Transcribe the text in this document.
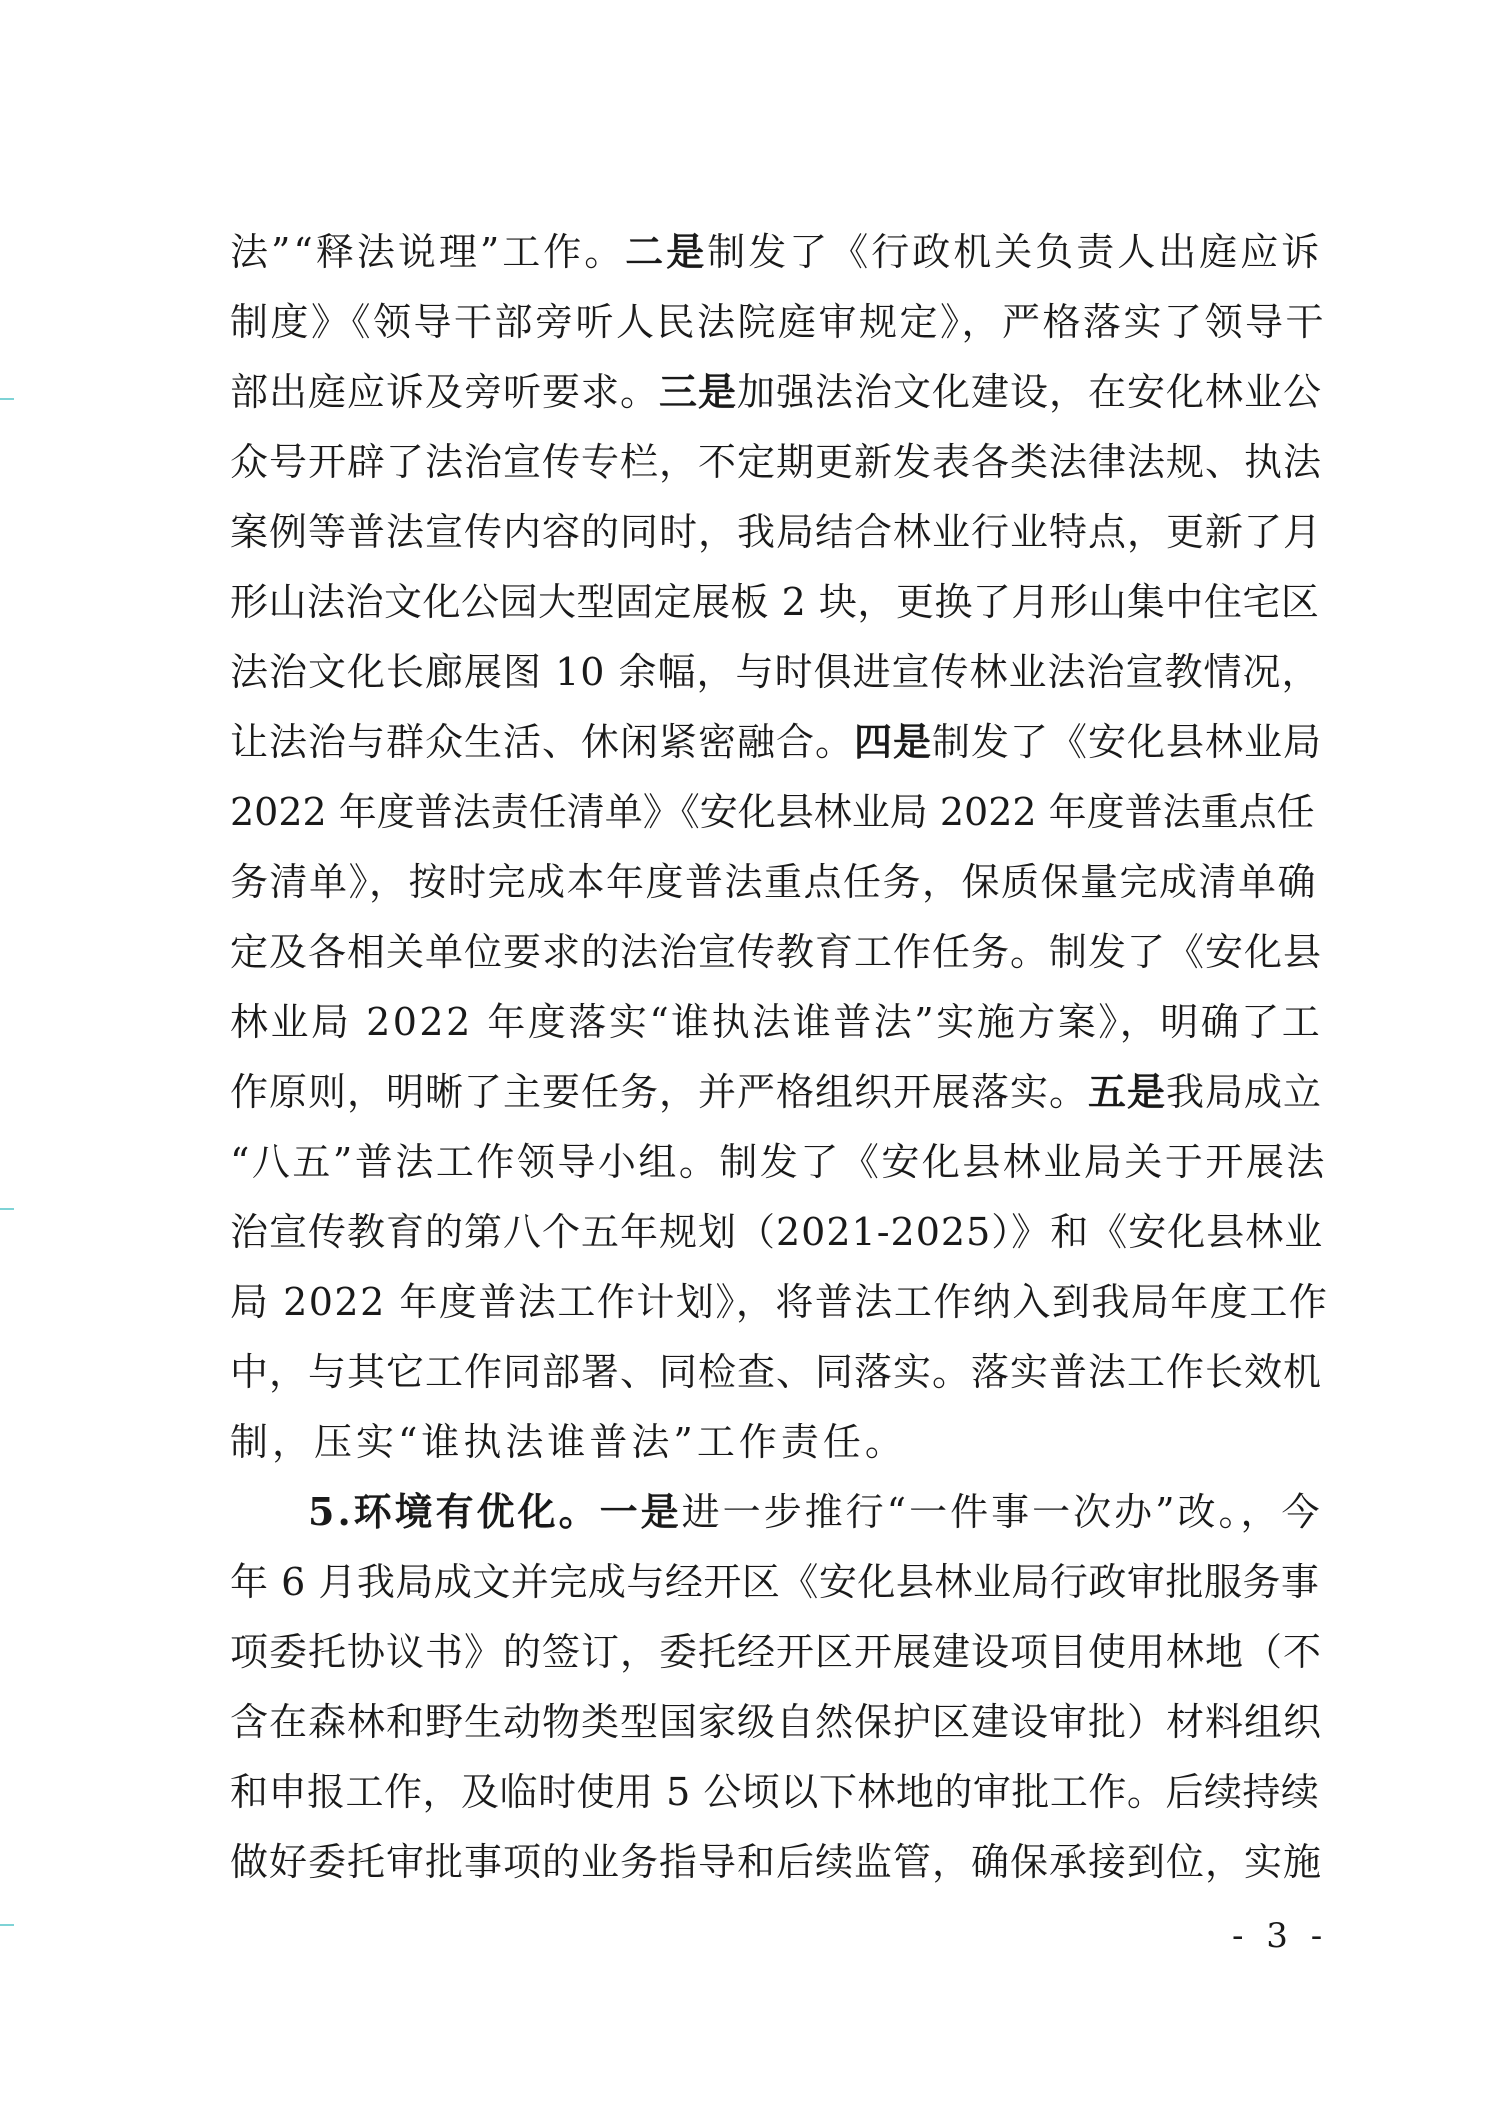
法”“释法说理”工作。二是制发了《行政机关负责人出庭应诉
制度》《领导干部旁听人民法院庭审规定》，严格落实了领导干
部出庭应诉及旁听要求。三是加强法治文化建设，在安化林业公
众号开辟了法治宣传专栏，不定期更新发表各类法律法规、执法
案例等普法宣传内容的同时，我局结合林业行业特点，更新了月
形山法治文化公园大型固定展板 2 块，更换了月形山集中住宅区
法治文化长廊展图 10 余幅，与时俱进宣传林业法治宣教情况，
让法治与群众生活、休闲紧密融合。四是制发了《安化县林业局
2022 年度普法责任清单》《安化县林业局 2022 年度普法重点任
务清单》，按时完成本年度普法重点任务，保质保量完成清单确
定及各相关单位要求的法治宣传教育工作任务。制发了《安化县
林业局 2022 年度落实“谁执法谁普法”实施方案》，明确了工
作原则，明晰了主要任务，并严格组织开展落实。五是我局成立
“八五”普法工作领导小组。制发了《安化县林业局关于开展法
治宣传教育的第八个五年规划（2021-2025）》和《安化县林业
局 2022 年度普法工作计划》，将普法工作纳入到我局年度工作
中，与其它工作同部署、同检查、同落实。落实普法工作长效机
制，压实“谁执法谁普法”工作责任。
5.环境有优化。一是进一步推行“一件事一次办”改。，今
年 6 月我局成文并完成与经开区《安化县林业局行政审批服务事
项委托协议书》的签订，委托经开区开展建设项目使用林地（不
含在森林和野生动物类型国家级自然保护区建设审批）材料组织
和申报工作，及临时使用 5 公顷以下林地的审批工作。后续持续
做好委托审批事项的业务指导和后续监管，确保承接到位，实施
- 3 -
